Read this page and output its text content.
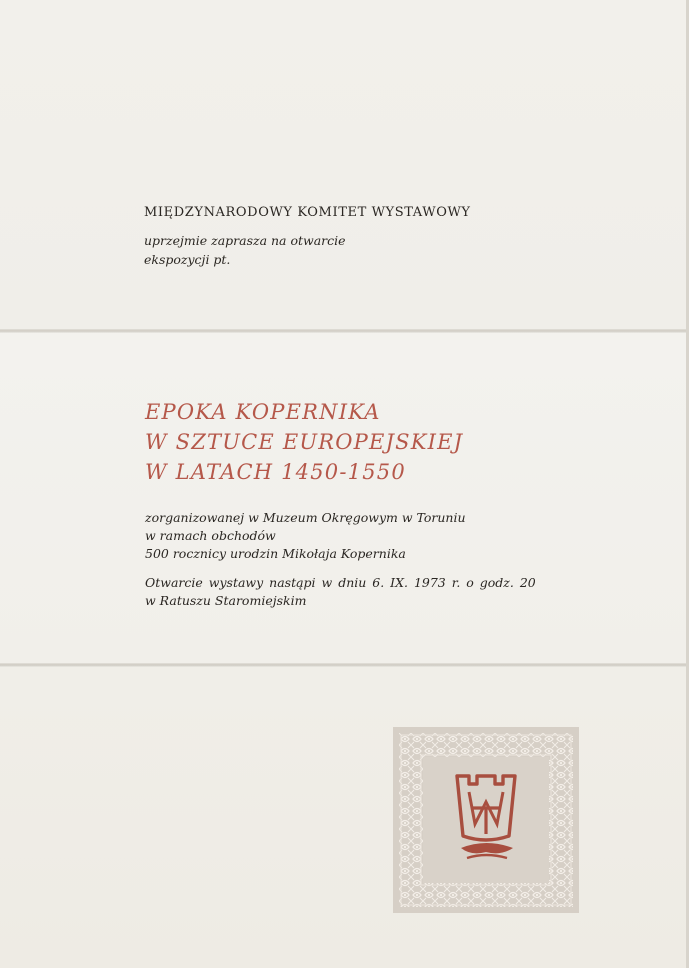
MIĘDZYNARODOWY KOMITET WYSTAWOWY
uprzejmie zaprasza na otwarcie
ekspozycji pt.
EPOKA KOPERNIKA
W SZTUCE EUROPEJSKIEJ
W LATACH 1450-1550
zorganizowanej w Muzeum Okręgowym w Toruniu
w ramach obchodów
500 rocznicy urodzin Mikołaja Kopernika
Otwarcie wystawy nastąpi w dniu 6. IX. 1973 r. o godz. 20
w Ratuszu Staromiejskim
